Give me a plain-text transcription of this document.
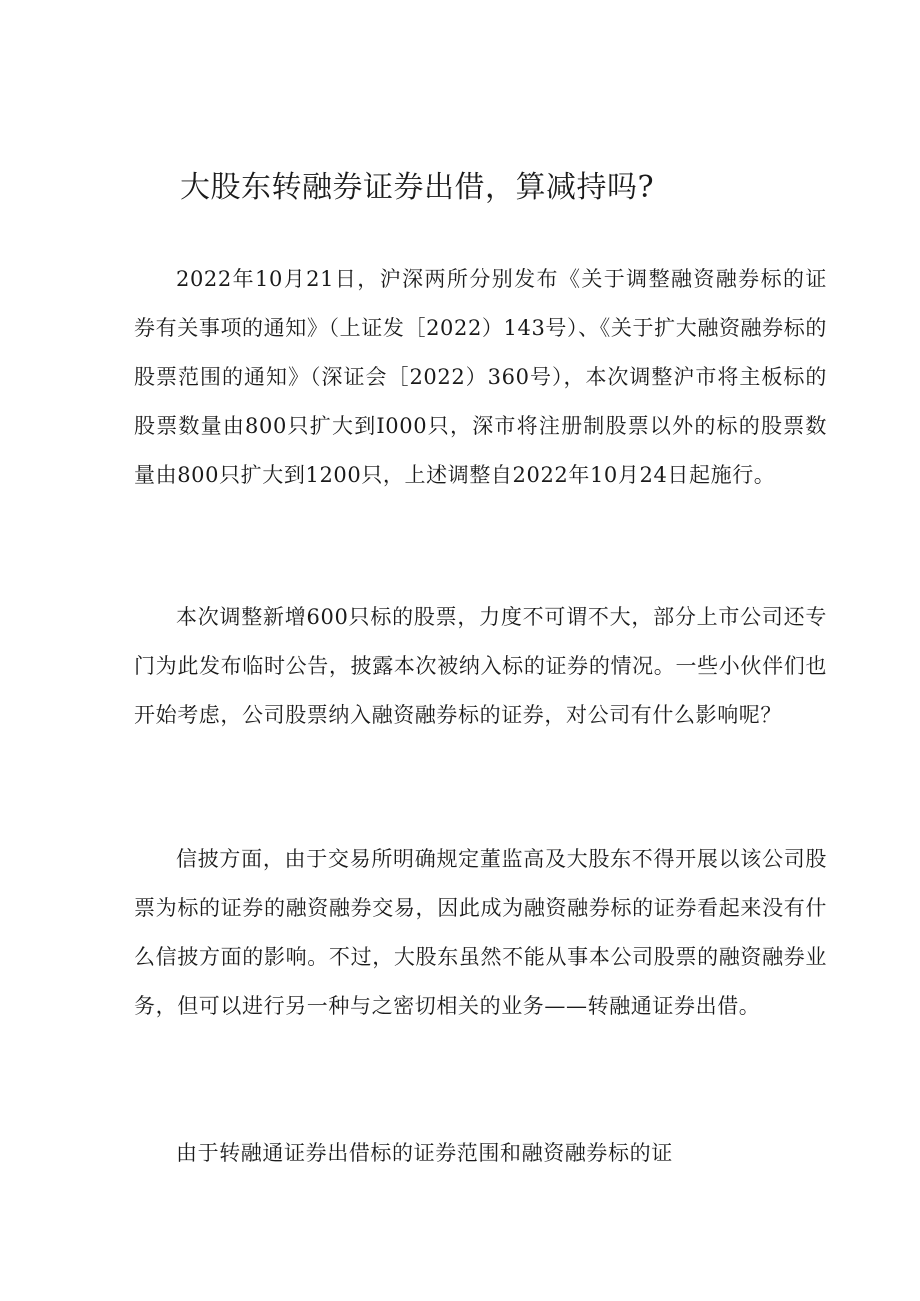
大股东转融券证券出借，算减持吗?

2022年10月21日，沪深两所分别发布《关于调整融资融券标的证券有关事项的通知》（上证发［2022）143号）、《关于扩大融资融券标的股票范围的通知》（深证会［2022）360号），本次调整沪市将主板标的股票数量由800只扩大到I000只，深市将注册制股票以外的标的股票数量由800只扩大到1200只，上述调整自2022年10月24日起施行。

本次调整新增600只标的股票，力度不可谓不大，部分上市公司还专门为此发布临时公告，披露本次被纳入标的证券的情况。一些小伙伴们也开始考虑，公司股票纳入融资融券标的证券，对公司有什么影响呢？

信披方面，由于交易所明确规定董监高及大股东不得开展以该公司股票为标的证券的融资融券交易，因此成为融资融券标的证券看起来没有什么信披方面的影响。不过，大股东虽然不能从事本公司股票的融资融券业务，但可以进行另一种与之密切相关的业务——转融通证券出借。

由于转融通证券出借标的证券范围和融资融券标的证
